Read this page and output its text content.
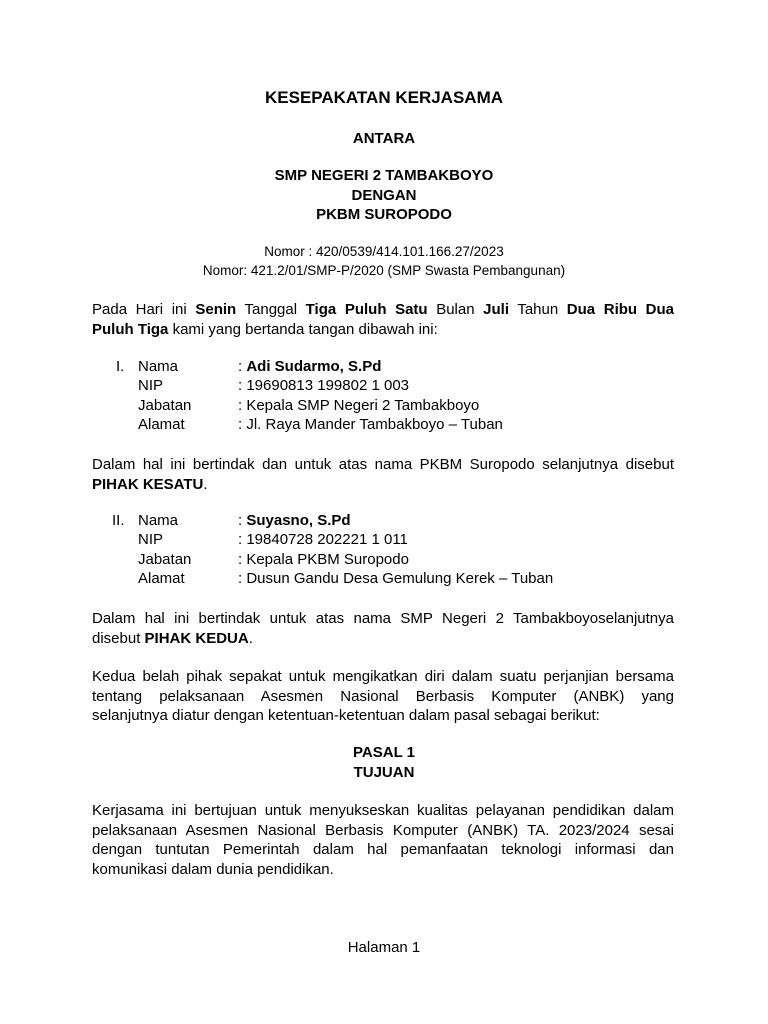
KESEPAKATAN KERJASAMA
ANTARA
SMP NEGERI 2 TAMBAKBOYO
DENGAN
PKBM SUROPODO
Nomor : 420/0539/414.101.166.27/2023
Nomor: 421.2/01/SMP-P/2020 (SMP Swasta Pembangunan)
Pada Hari ini Senin Tanggal Tiga Puluh Satu Bulan Juli Tahun Dua Ribu Dua
Puluh Tiga kami yang bertanda tangan dibawah ini:
I. Nama	: Adi Sudarmo, S.Pd
NIP	: 19690813 199802 1 003
Jabatan	: Kepala SMP Negeri 2 Tambakboyo
Alamat	: Jl. Raya Mander Tambakboyo – Tuban
Dalam hal ini bertindak dan untuk atas nama PKBM Suropodo selanjutnya disebut
PIHAK KESATU.
II. Nama	: Suyasno, S.Pd
NIP	: 19840728 202221 1 011
Jabatan	: Kepala PKBM Suropodo
Alamat	: Dusun Gandu Desa Gemulung Kerek – Tuban
Dalam hal ini bertindak untuk atas nama SMP Negeri 2 Tambakboyoselanjutnya
disebut PIHAK KEDUA.
Kedua belah pihak sepakat untuk mengikatkan diri dalam suatu perjanjian bersama
tentang pelaksanaan Asesmen Nasional Berbasis Komputer (ANBK) yang
selanjutnya diatur dengan ketentuan-ketentuan dalam pasal sebagai berikut:
PASAL 1
TUJUAN
Kerjasama ini bertujuan untuk menyukseskan kualitas pelayanan pendidikan dalam
pelaksanaan Asesmen Nasional Berbasis Komputer (ANBK) TA. 2023/2024 sesai
dengan tuntutan Pemerintah dalam hal pemanfaatan teknologi informasi dan
komunikasi dalam dunia pendidikan.
Halaman 1
